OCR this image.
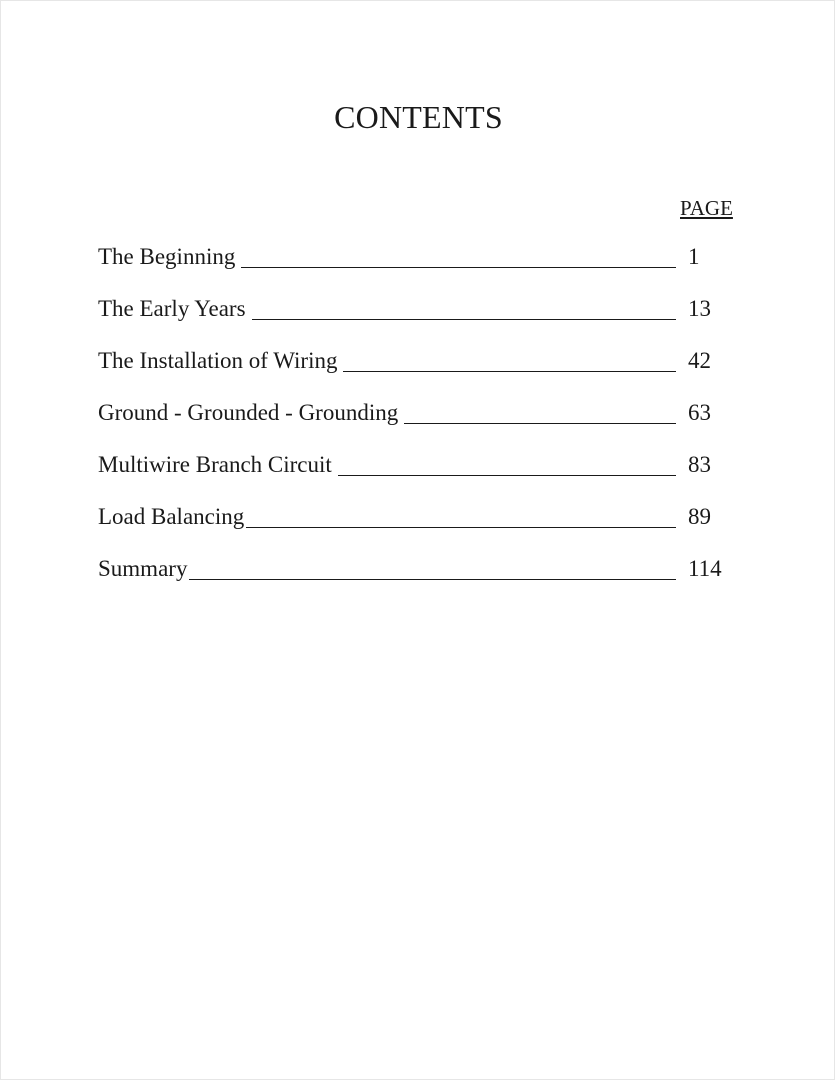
CONTENTS
PAGE
The Beginning	1
The Early Years	13
The Installation of Wiring	42
Ground - Grounded - Grounding	63
Multiwire Branch Circuit	83
Load Balancing	89
Summary	114
